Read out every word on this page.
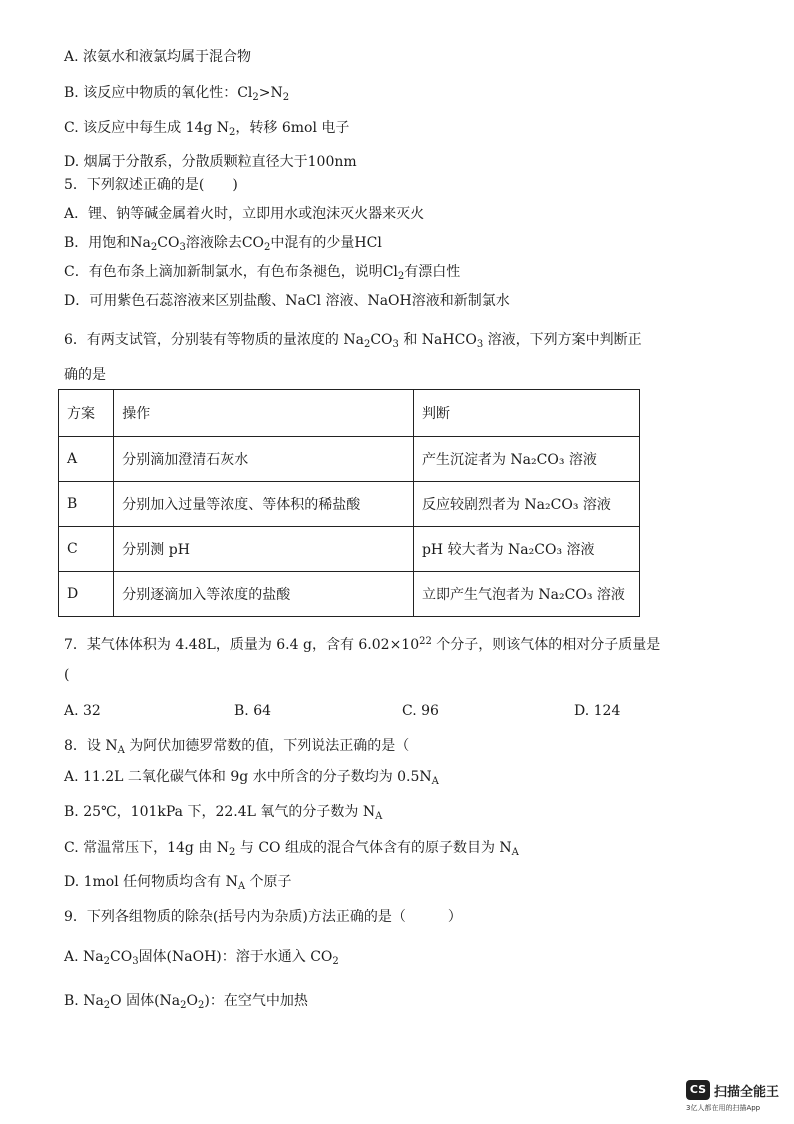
A. 浓氨水和液氯均属于混合物
B. 该反应中物质的氧化性：$Cl_2>N_2$
C. 该反应中每生成 14g $N_2$，转移 6mol 电子
D. 烟属于分散系，分散质颗粒直径大于100nm
5．下列叙述正确的是(　　)
A．锂、钠等碱金属着火时，立即用水或泡沫灭火器来灭火
B．用饱和$Na_2CO_3$溶液除去$CO_2$中混有的少量HCl
C．有色布条上滴加新制氯水，有色布条褪色，说明$Cl_2$有漂白性
D．可用紫色石蕊溶液来区别盐酸、NaCl 溶液、NaOH溶液和新制氯水
6．有两支试管，分别装有等物质的量浓度的 $Na_2CO_3$ 和 NaHCO$_3$ 溶液，下列方案中判断正
确的是
方案	操作	判断
A	分别滴加澄清石灰水	产生沉淀者为 Na₂CO₃ 溶液
B	分别加入过量等浓度、等体积的稀盐酸	反应较剧烈者为 Na₂CO₃ 溶液
C	分别测 pH	pH 较大者为 Na₂CO₃ 溶液
D	分别逐滴加入等浓度的盐酸	立即产生气泡者为 Na₂CO₃ 溶液
7．某气体体积为 4.48L，质量为 6.4 g，含有 $6.02\times 10^{22}$ 个分子，则该气体的相对分子质量是
(
A. 32	B. 64	C. 96	D. 124
8．设 $N_A$ 为阿伏加德罗常数的值，下列说法正确的是（
A. 11.2L 二氧化碳气体和 9g 水中所含的分子数均为 $0.5N_A$
B. 25℃，101kPa 下，22.4L 氧气的分子数为 $N_A$
C. 常温常压下，14g 由 $N_2$ 与 CO 组成的混合气体含有的原子数目为 $N_A$
D. 1mol 任何物质均含有 $N_A$ 个原子
9．下列各组物质的除杂(括号内为杂质)方法正确的是（　　　）
A. $Na_2CO_3$固体(NaOH)：溶于水通入 $CO_2$
B. $Na_2O$ 固体$(Na_2O_2)$：在空气中加热
CS 扫描全能王
3亿人都在用的扫描App
